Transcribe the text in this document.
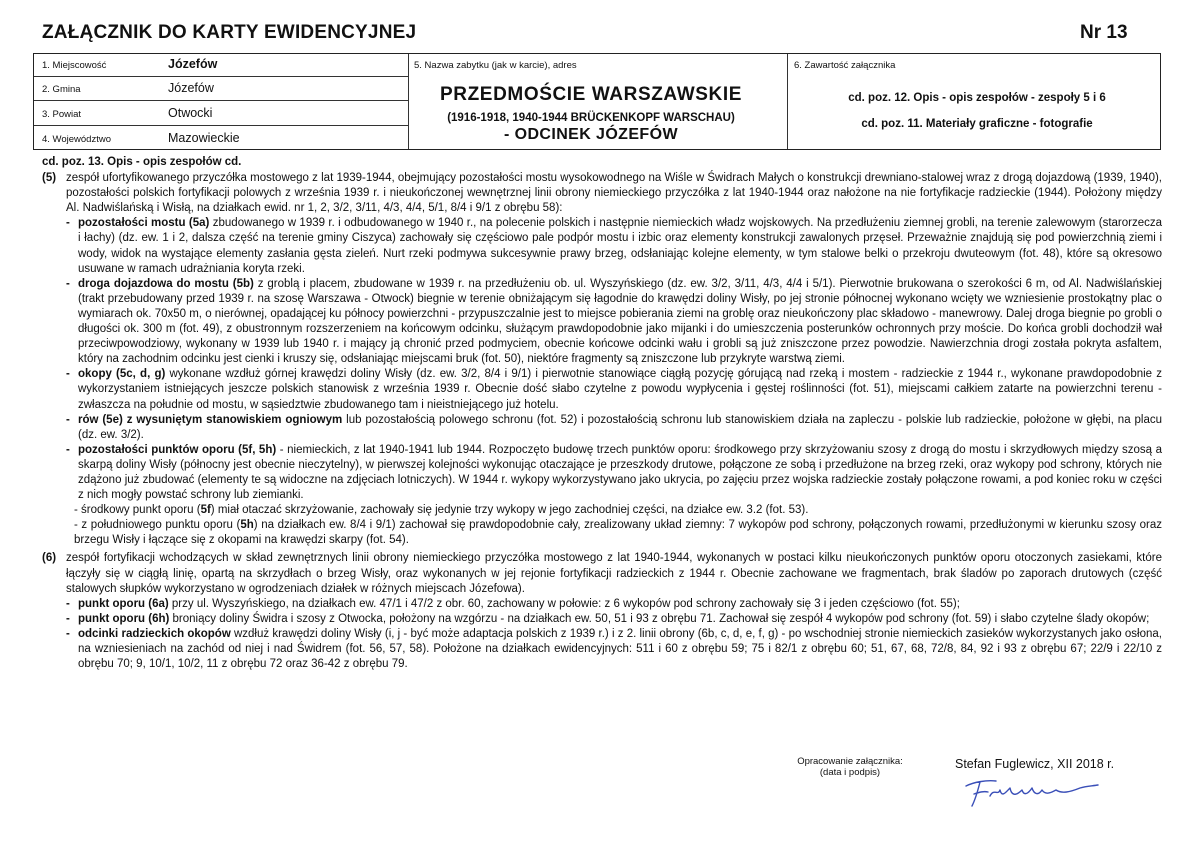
ZAŁĄCZNIK DO KARTY EWIDENCYJNEJ	Nr 13
1. Miejscowość	Józefów
2. Gmina	Józefów
3. Powiat	Otwocki
4. Województwo	Mazowieckie
5. Nazwa zabytku (jak w karcie), adres
PRZEDMOŚCIE WARSZAWSKIE
(1916-1918, 1940-1944 BRÜCKENKOPF WARSCHAU)
- ODCINEK JÓZEFÓW
6. Zawartość załącznika
cd. poz. 12. Opis - opis zespołów - zespoły 5 i 6
cd. poz. 11. Materiały graficzne - fotografie

cd. poz. 13. Opis - opis zespołów cd.

(5) zespół ufortyfikowanego przyczółka mostowego z lat 1939-1944, obejmujący pozostałości mostu wysokowodnego na Wiśle w Świdrach Małych o konstrukcji drewniano-stalowej wraz z drogą dojazdową (1939, 1940), pozostałości polskich fortyfikacji polowych z września 1939 r. i nieukończonej wewnętrznej linii obrony niemieckiego przyczółka z lat 1940-1944 oraz nałożone na nie fortyfikacje radzieckie (1944). Położony między Al. Nadwiślańską i Wisłą, na działkach ewid. nr 1, 2, 3/2, 3/11, 4/3, 4/4, 5/1, 8/4 i 9/1 z obrębu 58):

- pozostałości mostu (5a) zbudowanego w 1939 r. i odbudowanego w 1940 r., na polecenie polskich i następnie niemieckich władz wojskowych. Na przedłużeniu ziemnej grobli, na terenie zalewowym (starorzecza i łachy) (dz. ew. 1 i 2, dalsza część na terenie gminy Ciszyca) zachowały się częściowo pale podpór mostu i izbic oraz elementy konstrukcji zawalonych przęseł. Przeważnie znajdują się pod powierzchnią ziemi i wody, widok na wystające elementy zasłania gęsta zieleń. Nurt rzeki podmywa sukcesywnie prawy brzeg, odsłaniając kolejne elementy, w tym stalowe belki o przekroju dwuteowym (fot. 48), które są okresowo usuwane w ramach udrażniania koryta rzeki.

- droga dojazdowa do mostu (5b) z groblą i placem, zbudowane w 1939 r. na przedłużeniu ob. ul. Wyszyńskiego (dz. ew. 3/2, 3/11, 4/3, 4/4 i 5/1). Pierwotnie brukowana o szerokości 6 m, od Al. Nadwiślańskiej (trakt przebudowany przed 1939 r. na szosę Warszawa - Otwock) biegnie w terenie obniżającym się łagodnie do krawędzi doliny Wisły, po jej stronie północnej wykonano wcięty we wzniesienie prostokątny plac o wymiarach ok. 70x50 m, o nierównej, opadającej ku północy powierzchni - przypuszczalnie jest to miejsce pobierania ziemi na groblę oraz nieukończony plac składowo - manewrowy. Dalej droga biegnie po grobli o długości ok. 300 m (fot. 49), z obustronnym rozszerzeniem na końcowym odcinku, służącym prawdopodobnie jako mijanki i do umieszczenia posterunków ochronnych przy moście. Do końca grobli dochodził wał przeciwpowodziowy, wykonany w 1939 lub 1940 r. i mający ją chronić przed podmyciem, obecnie końcowe odcinki wału i grobli są już zniszczone przez powodzie. Nawierzchnia drogi została pokryta asfaltem, który na zachodnim odcinku jest cienki i kruszy się, odsłaniając miejscami bruk (fot. 50), niektóre fragmenty są zniszczone lub przykryte warstwą ziemi.

- okopy (5c, d, g) wykonane wzdłuż górnej krawędzi doliny Wisły (dz. ew. 3/2, 8/4 i 9/1) i pierwotnie stanowiące ciągłą pozycję górującą nad rzeką i mostem - radzieckie z 1944 r., wykonane prawdopodobnie z wykorzystaniem istniejących jeszcze polskich stanowisk z września 1939 r. Obecnie dość słabo czytelne z powodu wypłycenia i gęstej roślinności (fot. 51), miejscami całkiem zatarte na powierzchni terenu - zwłaszcza na południe od mostu, w sąsiedztwie zbudowanego tam i nieistniejącego już hotelu.

- rów (5e) z wysuniętym stanowiskiem ogniowym lub pozostałością polowego schronu (fot. 52) i pozostałością schronu lub stanowiskiem działa na zapleczu - polskie lub radzieckie, położone w głębi, na placu (dz. ew. 3/2).

- pozostałości punktów oporu (5f, 5h) - niemieckich, z lat 1940-1941 lub 1944. Rozpoczęto budowę trzech punktów oporu: środkowego przy skrzyżowaniu szosy z drogą do mostu i skrzydłowych między szosą a skarpą doliny Wisły (północny jest obecnie nieczytelny), w pierwszej kolejności wykonując otaczające je przeszkody drutowe, połączone ze sobą i przedłużone na brzeg rzeki, oraz wykopy pod schrony, których nie zdążono już zbudować (elementy te są widoczne na zdjęciach lotniczych). W 1944 r. wykopy wykorzystywano jako ukrycia, po zajęciu przez wojska radzieckie zostały połączone rowami, a pod koniec roku w części z nich mogły powstać schrony lub ziemianki.

- środkowy punkt oporu (5f) miał otaczać skrzyżowanie, zachowały się jedynie trzy wykopy w jego zachodniej części, na działce ew. 3.2 (fot. 53).

- z południowego punktu oporu (5h) na działkach ew. 8/4 i 9/1) zachował się prawdopodobnie cały, zrealizowany układ ziemny: 7 wykopów pod schrony, połączonych rowami, przedłużonymi w kierunku szosy oraz brzegu Wisły i łączące się z okopami na krawędzi skarpy (fot. 54).

(6) zespół fortyfikacji wchodzących w skład zewnętrznych linii obrony niemieckiego przyczółka mostowego z lat 1940-1944, wykonanych w postaci kilku nieukończonych punktów oporu otoczonych zasiekami, które łączyły się w ciągłą linię, opartą na skrzydłach o brzeg Wisły, oraz wykonanych w jej rejonie fortyfikacji radzieckich z 1944 r. Obecnie zachowane we fragmentach, brak śladów po zaporach drutowych (część stalowych słupków wykorzystano w ogrodzeniach działek w różnych miejscach Józefowa).

- punkt oporu (6a) przy ul. Wyszyńskiego, na działkach ew. 47/1 i 47/2 z obr. 60, zachowany w połowie: z 6 wykopów pod schrony zachowały się 3 i jeden częściowo (fot. 55);

- punkt oporu (6h) broniący doliny Świdra i szosy z Otwocka, położony na wzgórzu - na działkach ew. 50, 51 i 93 z obrębu 71. Zachował się zespół 4 wykopów pod schrony (fot. 59) i słabo czytelne ślady okopów;

- odcinki radzieckich okopów wzdłuż krawędzi doliny Wisły (i, j - być może adaptacja polskich z 1939 r.) i z 2. linii obrony (6b, c, d, e, f, g) - po wschodniej stronie niemieckich zasieków wykorzystanych jako osłona, na wzniesieniach na zachód od niej i nad Świdrem (fot. 56, 57, 58). Położone na działkach ewidencyjnych: 511 i 60 z obrębu 59; 75 i 82/1 z obrębu 60; 51, 67, 68, 72/8, 84, 92 i 93 z obrębu 67; 22/9 i 22/10 z obrębu 70; 9, 10/1, 10/2, 11 z obrębu 72 oraz 36-42 z obrębu 79.

Opracowanie załącznika:
(data i podpis)
Stefan Fuglewicz, XII 2018 r.
